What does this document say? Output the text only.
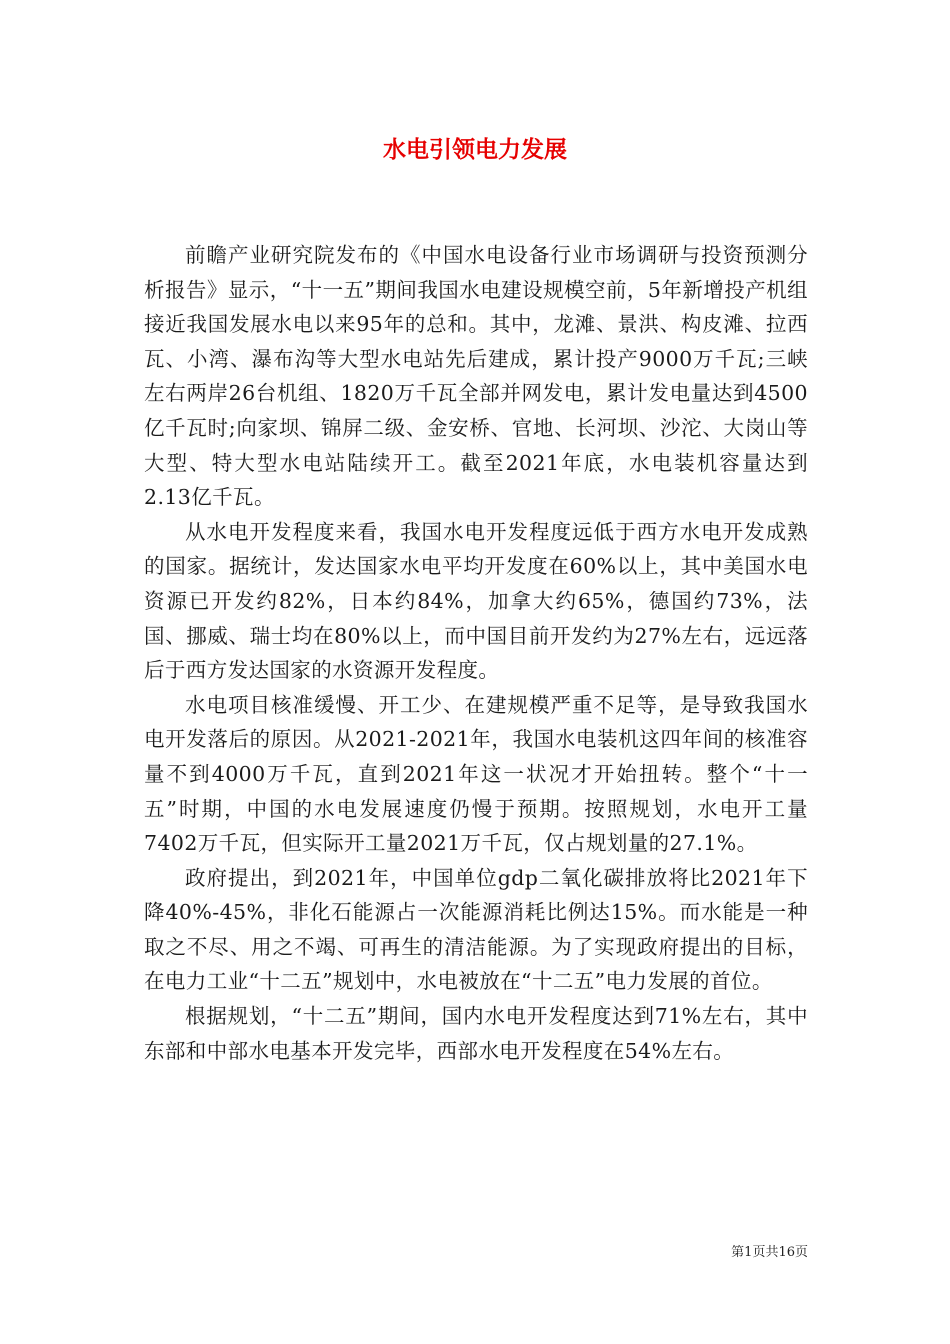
水电引领电力发展

前瞻产业研究院发布的《中国水电设备行业市场调研与投资预测分析报告》显示，“十一五”期间我国水电建设规模空前，5年新增投产机组接近我国发展水电以来95年的总和。其中，龙滩、景洪、构皮滩、拉西瓦、小湾、瀑布沟等大型水电站先后建成，累计投产9000万千瓦;三峡左右两岸26台机组、1820万千瓦全部并网发电，累计发电量达到4500亿千瓦时;向家坝、锦屏二级、金安桥、官地、长河坝、沙沱、大岗山等大型、特大型水电站陆续开工。截至2021年底，水电装机容量达到2.13亿千瓦。

从水电开发程度来看，我国水电开发程度远低于西方水电开发成熟的国家。据统计，发达国家水电平均开发度在60%以上，其中美国水电资源已开发约82%，日本约84%，加拿大约65%，德国约73%，法国、挪威、瑞士均在80%以上，而中国目前开发约为27%左右，远远落后于西方发达国家的水资源开发程度。

水电项目核准缓慢、开工少、在建规模严重不足等，是导致我国水电开发落后的原因。从2021-2021年，我国水电装机这四年间的核准容量不到4000万千瓦，直到2021年这一状况才开始扭转。整个“十一五”时期，中国的水电发展速度仍慢于预期。按照规划，水电开工量7402万千瓦，但实际开工量2021万千瓦，仅占规划量的27.1%。

政府提出，到2021年，中国单位gdp二氧化碳排放将比2021年下降40%-45%，非化石能源占一次能源消耗比例达15%。而水能是一种取之不尽、用之不竭、可再生的清洁能源。为了实现政府提出的目标，在电力工业“十二五”规划中，水电被放在“十二五”电力发展的首位。

根据规划，“十二五”期间，国内水电开发程度达到71%左右，其中东部和中部水电基本开发完毕，西部水电开发程度在54%左右。

第1页共16页
